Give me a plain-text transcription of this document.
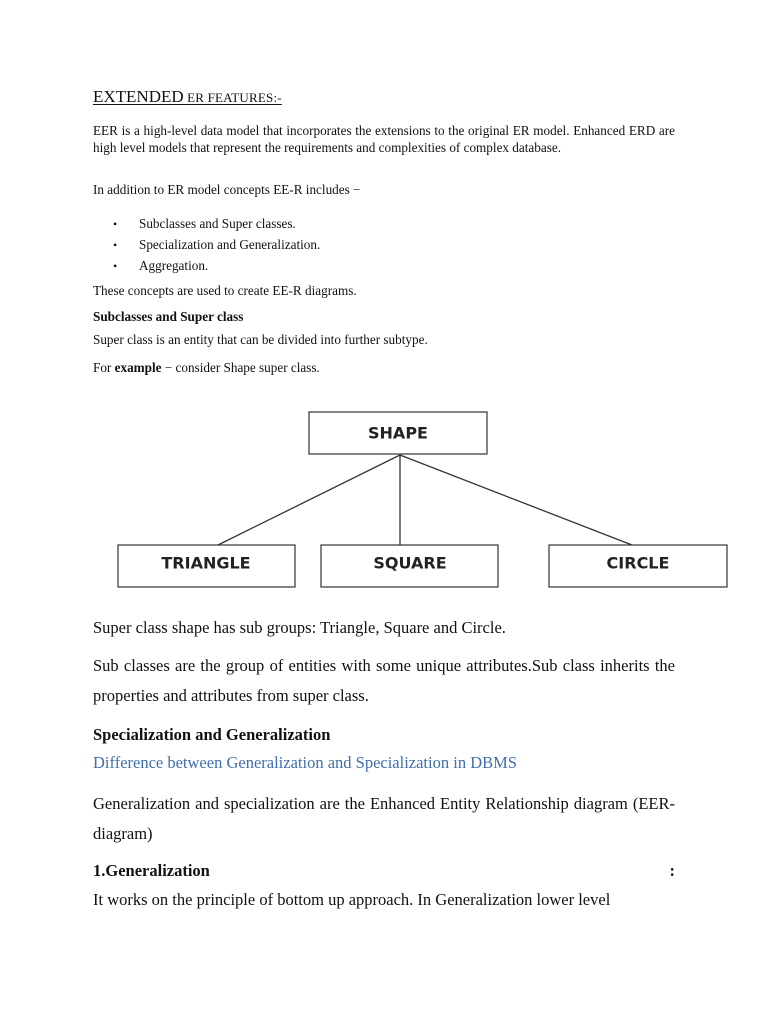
EXTENDED ER FEATURES:-
EER is a high-level data model that incorporates the extensions to the original ER model. Enhanced ERD are high level models that represent the requirements and complexities of complex database.
In addition to ER model concepts EE-R includes −
• Subclasses and Super classes.
• Specialization and Generalization.
• Aggregation.
These concepts are used to create EE-R diagrams.
Subclasses and Super class
Super class is an entity that can be divided into further subtype.
For example − consider Shape super class.
SHAPE
TRIANGLE	SQUARE	CIRCLE
Super class shape has sub groups: Triangle, Square and Circle.
Sub classes are the group of entities with some unique attributes.Sub class inherits the properties and attributes from super class.
Specialization and Generalization
Difference between Generalization and Specialization in DBMS
Generalization and specialization are the Enhanced Entity Relationship diagram (EER-diagram)
1.Generalization	:
It works on the principle of bottom up approach. In Generalization lower level
